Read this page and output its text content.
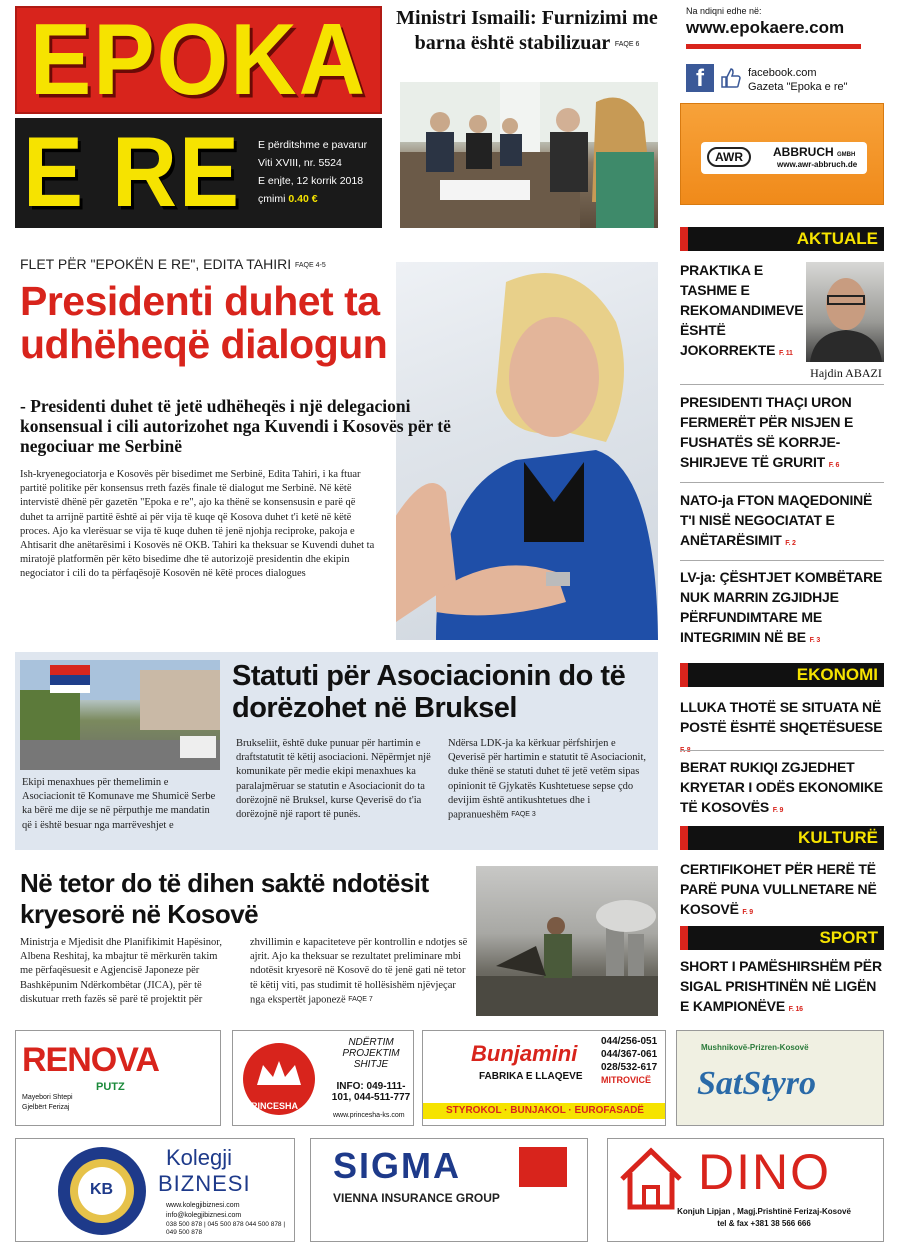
EPOKA
E RE E përditshme e pavarur
Viti XVIII, nr. 5524
E enjte, 12 korrik 2018
çmimi 0.40 €
Ministri Ismaili: Furnizimi me barna është stabilizuar FAQE 6
Na ndiqni edhe në:
www.epokaere.com
f	facebook.com
Gazeta "Epoka e re"
AWR	ABBRUCH GMBH
www.awr-abbruch.de
FLET PËR "EPOKËN E RE", EDITA TAHIRI FAQE 4-5
Presidenti duhet ta udhëheqë dialogun
- Presidenti duhet të jetë udhëheqës i një delegacioni konsensual i cili autorizohet nga Kuvendi i Kosovës për të negociuar me Serbinë
Ish-kryenegociatorja e Kosovës për bisedimet me Serbinë, Edita Tahiri, i ka ftuar partitë politike për konsensus rreth fazës finale të dialogut me Serbinë. Në këtë intervistë dhënë për gazetën "Epoka e re", ajo ka thënë se konsensusin e parë që duhet ta arrijnë partitë është ai për vija të kuqe që Kosova duhet t'i ketë në këtë proces. Ajo ka vlerësuar se vija të kuqe duhen të jenë njohja reciproke, pakoja e Ahtisarit dhe anëtarësimi i Kosovës në OKB. Tahiri ka theksuar se Kuvendi duhet ta miratojë platformën për këto bisedime dhe të autorizojë presidentin dhe ekipin negociator i cili do ta përfaqësojë Kosovën në këtë proces dialogues
Statuti për Asociacionin do të dorëzohet në Bruksel
Brukseliit, është duke punuar për hartimin e draftstatutit të këtij asociacioni. Nëpërmjet një komunikate për medie ekipi menaxhues ka paralajmëruar se statutin e Asociacionit do ta dorëzojnë në Bruksel, kurse Qeverisë do t'ia dorëzojnë një raport të punës.
Ndërsa LDK-ja ka kërkuar përfshirjen e Qeverisë për hartimin e statutit të Asociacionit, duke thënë se statuti duhet të jetë vetëm sipas opinionit të Gjykatës Kushtetuese sepse çdo devijim është antikushtetues dhe i papranueshëm FAQE 3
Ekipi menaxhues për themelimin e Asociacionit të Komunave me Shumicë Serbe ka bërë me dije se në përputhje me mandatin që i është besuar nga marrëveshjet e
Në tetor do të dihen saktë ndotësit kryesorë në Kosovë
Ministrja e Mjedisit dhe Planifikimit Hapësinor, Albena Reshitaj, ka mbajtur të mërkurën takim me përfaqësuesit e Agjencisë Japoneze për Bashkëpunim Ndërkombëtar (JICA), për të diskutuar rreth fazës së parë të projektit për
zhvillimin e kapaciteteve për kontrollin e ndotjes së ajrit. Ajo ka theksuar se rezultatet preliminare mbi ndotësit kryesorë në Kosovë do të jenë gati në tetor të këtij viti, pas studimit të hollësishëm njëvjeçar nga ekspertët japonezë FAQE 7
AKTUALE
PRAKTIKA E TASHME E REKOMANDIMEVE ËSHTË JOKORREKTE F. 11
Hajdin ABAZI
PRESIDENTI THAÇI URON FERMERËT PËR NISJEN E FUSHATËS SË KORRJE-SHIRJEVE TË GRURIT F. 6
NATO-ja FTON MAQEDONINË T'I NISË NEGOCIATAT E ANËTARËSIMIT F. 2
LV-ja: ÇËSHTJET KOMBËTARE NUK MARRIN ZGJIDHJE PËRFUNDIMTARE ME INTEGRIMIN NË BE F. 3
EKONOMI
LLUKA THOTË SE SITUATA NË POSTË ËSHTË SHQETËSUESE
BERAT RUKIQI ZGJEDHET KRYETAR I ODËS EKONOMIKE TË KOSOVËS F. 9
KULTURË
CERTIFIKOHET PËR HERË TË PARË PUNA VULLNETARE NË KOSOVË F. 9
SPORT
SHORT I PAMËSHIRSHËM PËR SIGAL PRISHTINËN NË LIGËN E KAMPIONËVE F. 16
RENOVA
PUTZ
Mayebori Shtepi Gjelbërt Ferizaj	PRINCESHA
NDËRTIM PROJEKTIM SHITJE
INFO: 049-111-101, 044-511-777
www.princesha-ks.com
Bunjamini
FABRIKA E LLAQEVE
044/256-051 044/367-061 028/532-617
MITROVICË
STYROKOL · BUNJAKOL · EUROFASADË
Mushnikovë-Prizren-Kosovë
SatStyro
KB
Kolegji
BIZNESI
www.kolegjibiznesi.com
info@kolegjibiznesi.com
038 500 878 | 045 500 878 044 500 878 | 049 500 878
SIGMA
VIENNA INSURANCE GROUP	DINO
Konjuh Lipjan , Magj.Prishtinë Ferizaj-Kosovë
tel & fax +381 38 566 666
